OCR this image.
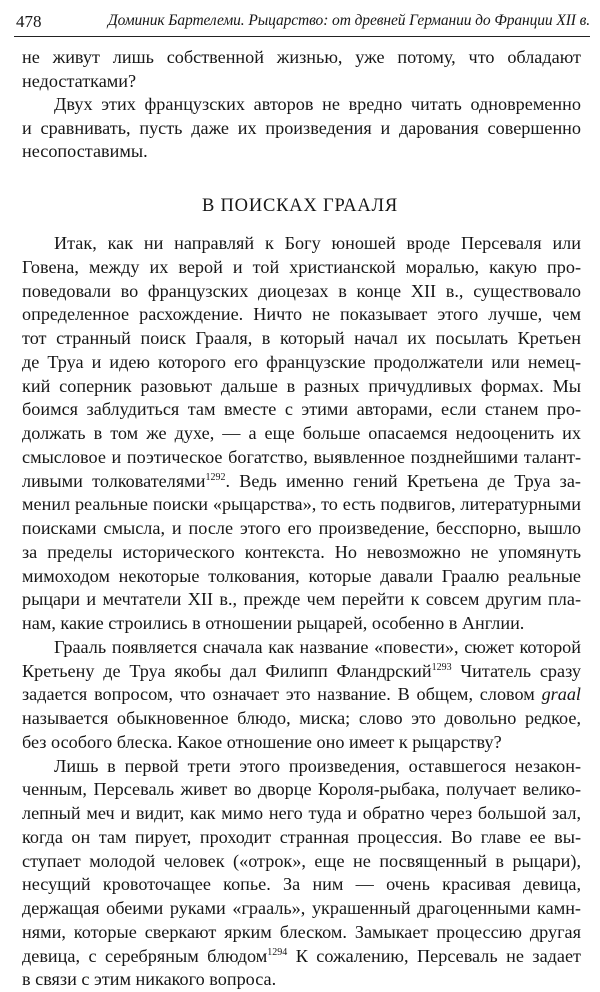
478	Доминик Бартелеми. Рыцарство: от древней Германии до Франции XII в.

не живут лишь собственной жизнью, уже потому, что обладают
недостатками?

Двух этих французских авторов не вредно читать одновременно
и сравнивать, пусть даже их произведения и дарования совершенно
несопоставимы.

В ПОИСКАХ ГРААЛЯ

Итак, как ни направляй к Богу юношей вроде Персеваля или
Говена, между их верой и той христианской моралью, какую про-
поведовали во французских диоцезах в конце XII в., существовало
определенное расхождение. Ничто не показывает этого лучше, чем
тот странный поиск Грааля, в который начал их посылать Кретьен
де Труа и идею которого его французские продолжатели или немец-
кий соперник разовьют дальше в разных причудливых формах. Мы
боимся заблудиться там вместе с этими авторами, если станем про-
должать в том же духе, — а еще больше опасаемся недооценить их
смысловое и поэтическое богатство, выявленное позднейшими талант-
ливыми толкователями$^{1292}$. Ведь именно гений Кретьена де Труа за-
менил реальные поиски «рыцарства», то есть подвигов, литературными
поисками смысла, и после этого его произведение, бесспорно, вышло
за пределы исторического контекста. Но невозможно не упомянуть
мимоходом некоторые толкования, которые давали Граалю реальные
рыцари и мечтатели XII в., прежде чем перейти к совсем другим пла-
нам, какие строились в отношении рыцарей, особенно в Англии.

Грааль появляется сначала как название «повести», сюжет которой
Кретьену де Труа якобы дал Филипп Фландрский$^{1293}$ Читатель сразу
задается вопросом, что означает это название. В общем, словом graal
называется обыкновенное блюдо, миска; слово это довольно редкое,
без особого блеска. Какое отношение оно имеет к рыцарству?

Лишь в первой трети этого произведения, оставшегося незакон-
ченным, Персеваль живет во дворце Короля-рыбака, получает велико-
лепный меч и видит, как мимо него туда и обратно через большой зал,
когда он там пирует, проходит странная процессия. Во главе ее вы-
ступает молодой человек («отрок», еще не посвященный в рыцари),
несущий кровоточащее копье. За ним — очень красивая девица,
держащая обеими руками «грааль», украшенный драгоценными камн-
нями, которые сверкают ярким блеском. Замыкает процессию другая
девица, с серебряным блюдом$^{1294}$ К сожалению, Персеваль не задает
в связи с этим никакого вопроса.
